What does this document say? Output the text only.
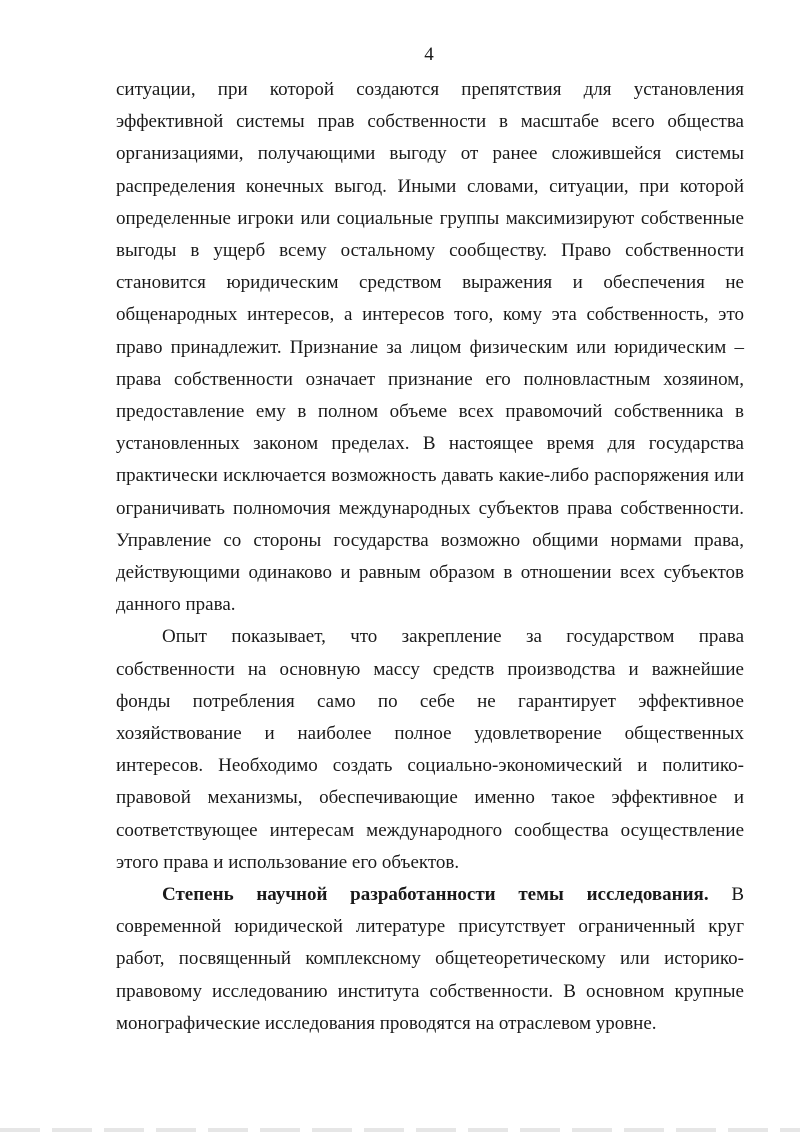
4

ситуации, при которой создаются препятствия для установления эффективной системы прав собственности в масштабе всего общества организациями, получающими выгоду от ранее сложившейся системы распределения конечных выгод. Иными словами, ситуации, при которой определенные игроки или социальные группы максимизируют собственные выгоды в ущерб всему остальному сообществу. Право собственности становится юридическим средством выражения и обеспечения не общенародных интересов, а интересов того, кому эта собственность, это право принадлежит. Признание за лицом физическим или юридическим – права собственности означает признание его полновластным хозяином, предоставление ему в полном объеме всех правомочий собственника в установленных законом пределах. В настоящее время для государства практически исключается возможность давать какие-либо распоряжения или ограничивать полномочия международных субъектов права собственности. Управление со стороны государства возможно общими нормами права, действующими одинаково и равным образом в отношении всех субъектов данного права.

Опыт показывает, что закрепление за государством права собственности на основную массу средств производства и важнейшие фонды потребления само по себе не гарантирует эффективное хозяйствование и наиболее полное удовлетворение общественных интересов. Необходимо создать социально-экономический и политико-правовой механизмы, обеспечивающие именно такое эффективное и соответствующее интересам международного сообщества осуществление этого права и использование его объектов.

Степень научной разработанности темы исследования. В современной юридической литературе присутствует ограниченный круг работ, посвященный комплексному общетеоретическому или историко-правовому исследованию института собственности. В основном крупные монографические исследования проводятся на отраслевом уровне.
